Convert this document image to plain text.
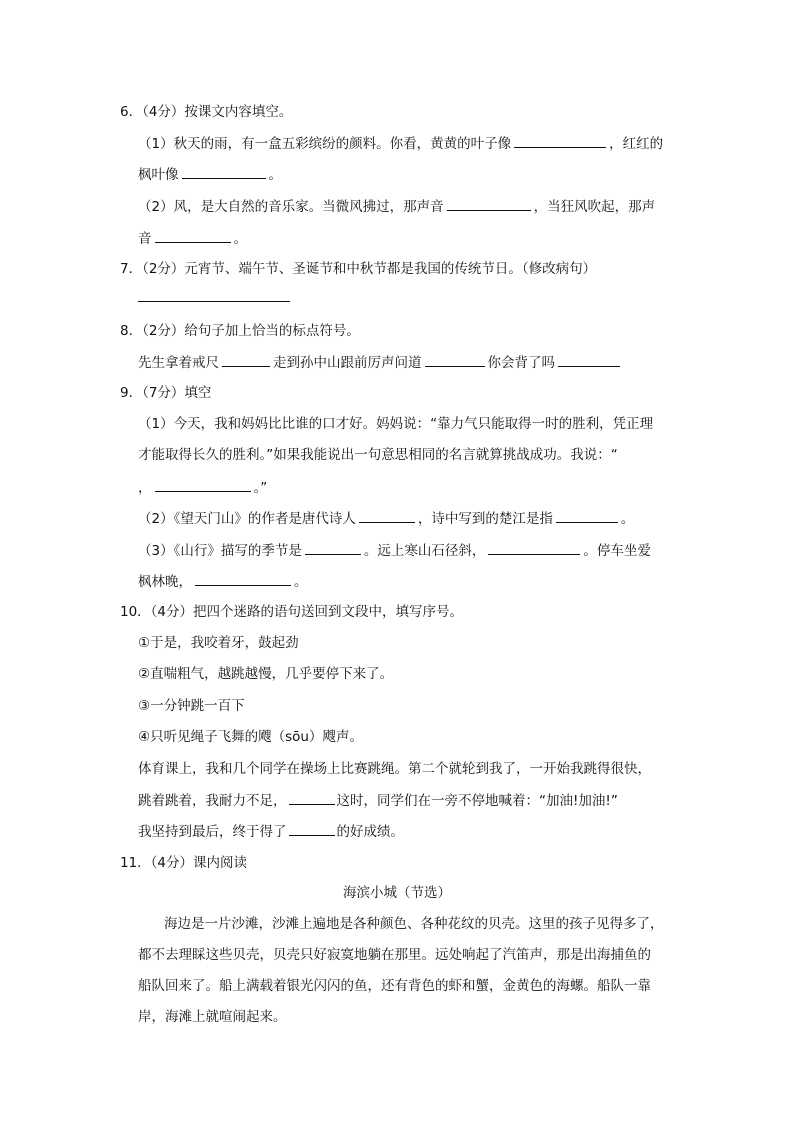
6．（4分）按课文内容填空。
（1）秋天的雨，有一盒五彩缤纷的颜料。你看，黄黄的叶子像	，红红的
枫叶像	。
（2）风，是大自然的音乐家。当微风拂过，那声音	，当狂风吹起，那声
音	。
7．（2分）元宵节、端午节、圣诞节和中秋节都是我国的传统节日。（修改病句）
8．（2分）给句子加上恰当的标点符号。
先生拿着戒尺	走到孙中山跟前厉声问道	你会背了吗
9．（7分）填空
（1）今天，我和妈妈比比谁的口才好。妈妈说：“靠力气只能取得一时的胜利，凭正理
才能取得长久的胜利。”如果我能说出一句意思相同的名言就算挑战成功。我说：“
，	。”
（2）《望天门山》的作者是唐代诗人	，诗中写到的楚江是指	。
（3）《山行》描写的季节是	。远上寒山石径斜，	。停车坐爱
枫林晚，	。
10．（4分）把四个迷路的语句送回到文段中，填写序号。
①于是，我咬着牙，鼓起劲
②直喘粗气，越跳越慢，几乎要停下来了。
③一分钟跳一百下
④只听见绳子飞舞的飕（sōu）飕声。
体育课上，我和几个同学在操场上比赛跳绳。第二个就轮到我了，一开始我跳得很快，
跳着跳着，我耐力不足，	这时，同学们在一旁不停地喊着：“加油!加油!”
我坚持到最后，终于得了	的好成绩。
11．（4分）课内阅读
海滨小城（节选）
海边是一片沙滩，沙滩上遍地是各种颜色、各种花纹的贝壳。这里的孩子见得多了，
都不去理睬这些贝壳，贝壳只好寂寞地躺在那里。远处响起了汽笛声，那是出海捕鱼的
船队回来了。船上满载着银光闪闪的鱼，还有背色的虾和蟹，金黄色的海螺。船队一靠
岸，海滩上就喧闹起来。
